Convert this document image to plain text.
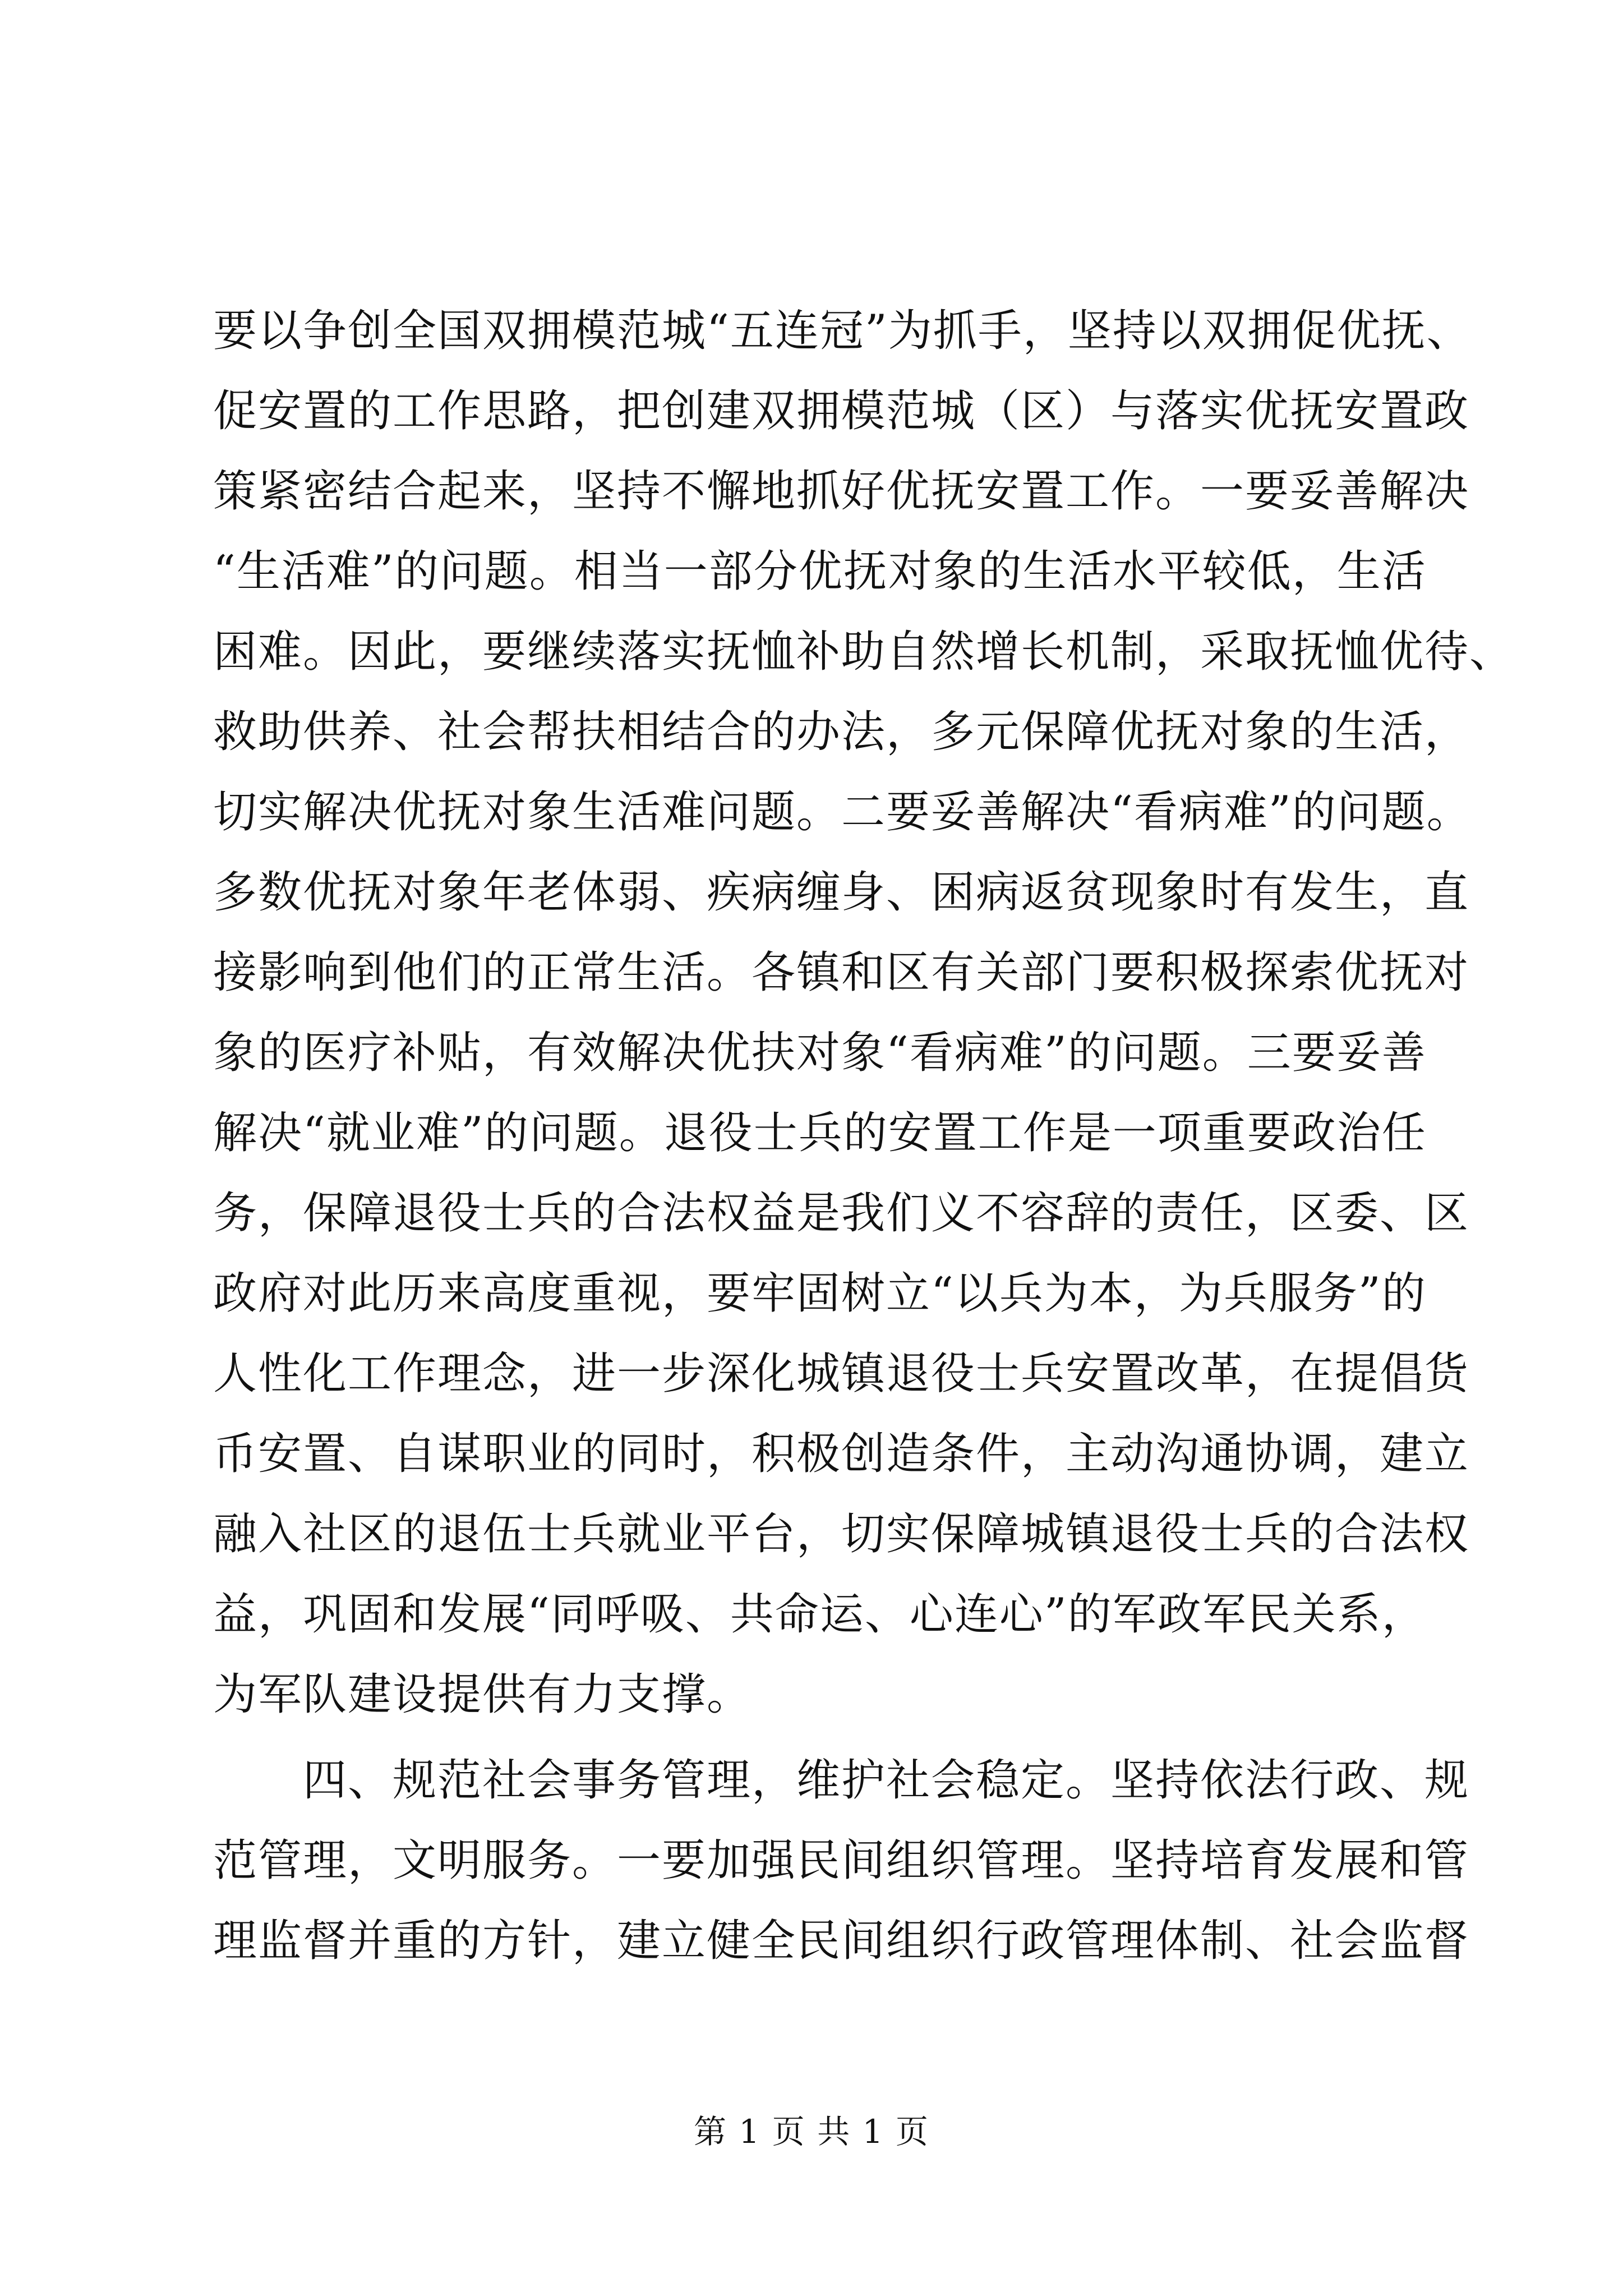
要以争创全国双拥模范城“五连冠”为抓手，坚持以双拥促优抚、
促安置的工作思路，把创建双拥模范城（区）与落实优抚安置政
策紧密结合起来，坚持不懈地抓好优抚安置工作。一要妥善解决
“生活难”的问题。相当一部分优抚对象的生活水平较低，生活
困难。因此，要继续落实抚恤补助自然增长机制，采取抚恤优待、
救助供养、社会帮扶相结合的办法，多元保障优抚对象的生活，
切实解决优抚对象生活难问题。二要妥善解决“看病难”的问题。
多数优抚对象年老体弱、疾病缠身、困病返贫现象时有发生，直
接影响到他们的正常生活。各镇和区有关部门要积极探索优抚对
象的医疗补贴，有效解决优扶对象“看病难”的问题。三要妥善
解决“就业难”的问题。退役士兵的安置工作是一项重要政治任
务，保障退役士兵的合法权益是我们义不容辞的责任，区委、区
政府对此历来高度重视，要牢固树立“以兵为本，为兵服务”的
人性化工作理念，进一步深化城镇退役士兵安置改革，在提倡货
币安置、自谋职业的同时，积极创造条件，主动沟通协调，建立
融入社区的退伍士兵就业平台，切实保障城镇退役士兵的合法权
益，巩固和发展“同呼吸、共命运、心连心”的军政军民关系，
为军队建设提供有力支撑。
四、规范社会事务管理，维护社会稳定。坚持依法行政、规
范管理，文明服务。一要加强民间组织管理。坚持培育发展和管
理监督并重的方针，建立健全民间组织行政管理体制、社会监督
第 1 页 共 1 页
